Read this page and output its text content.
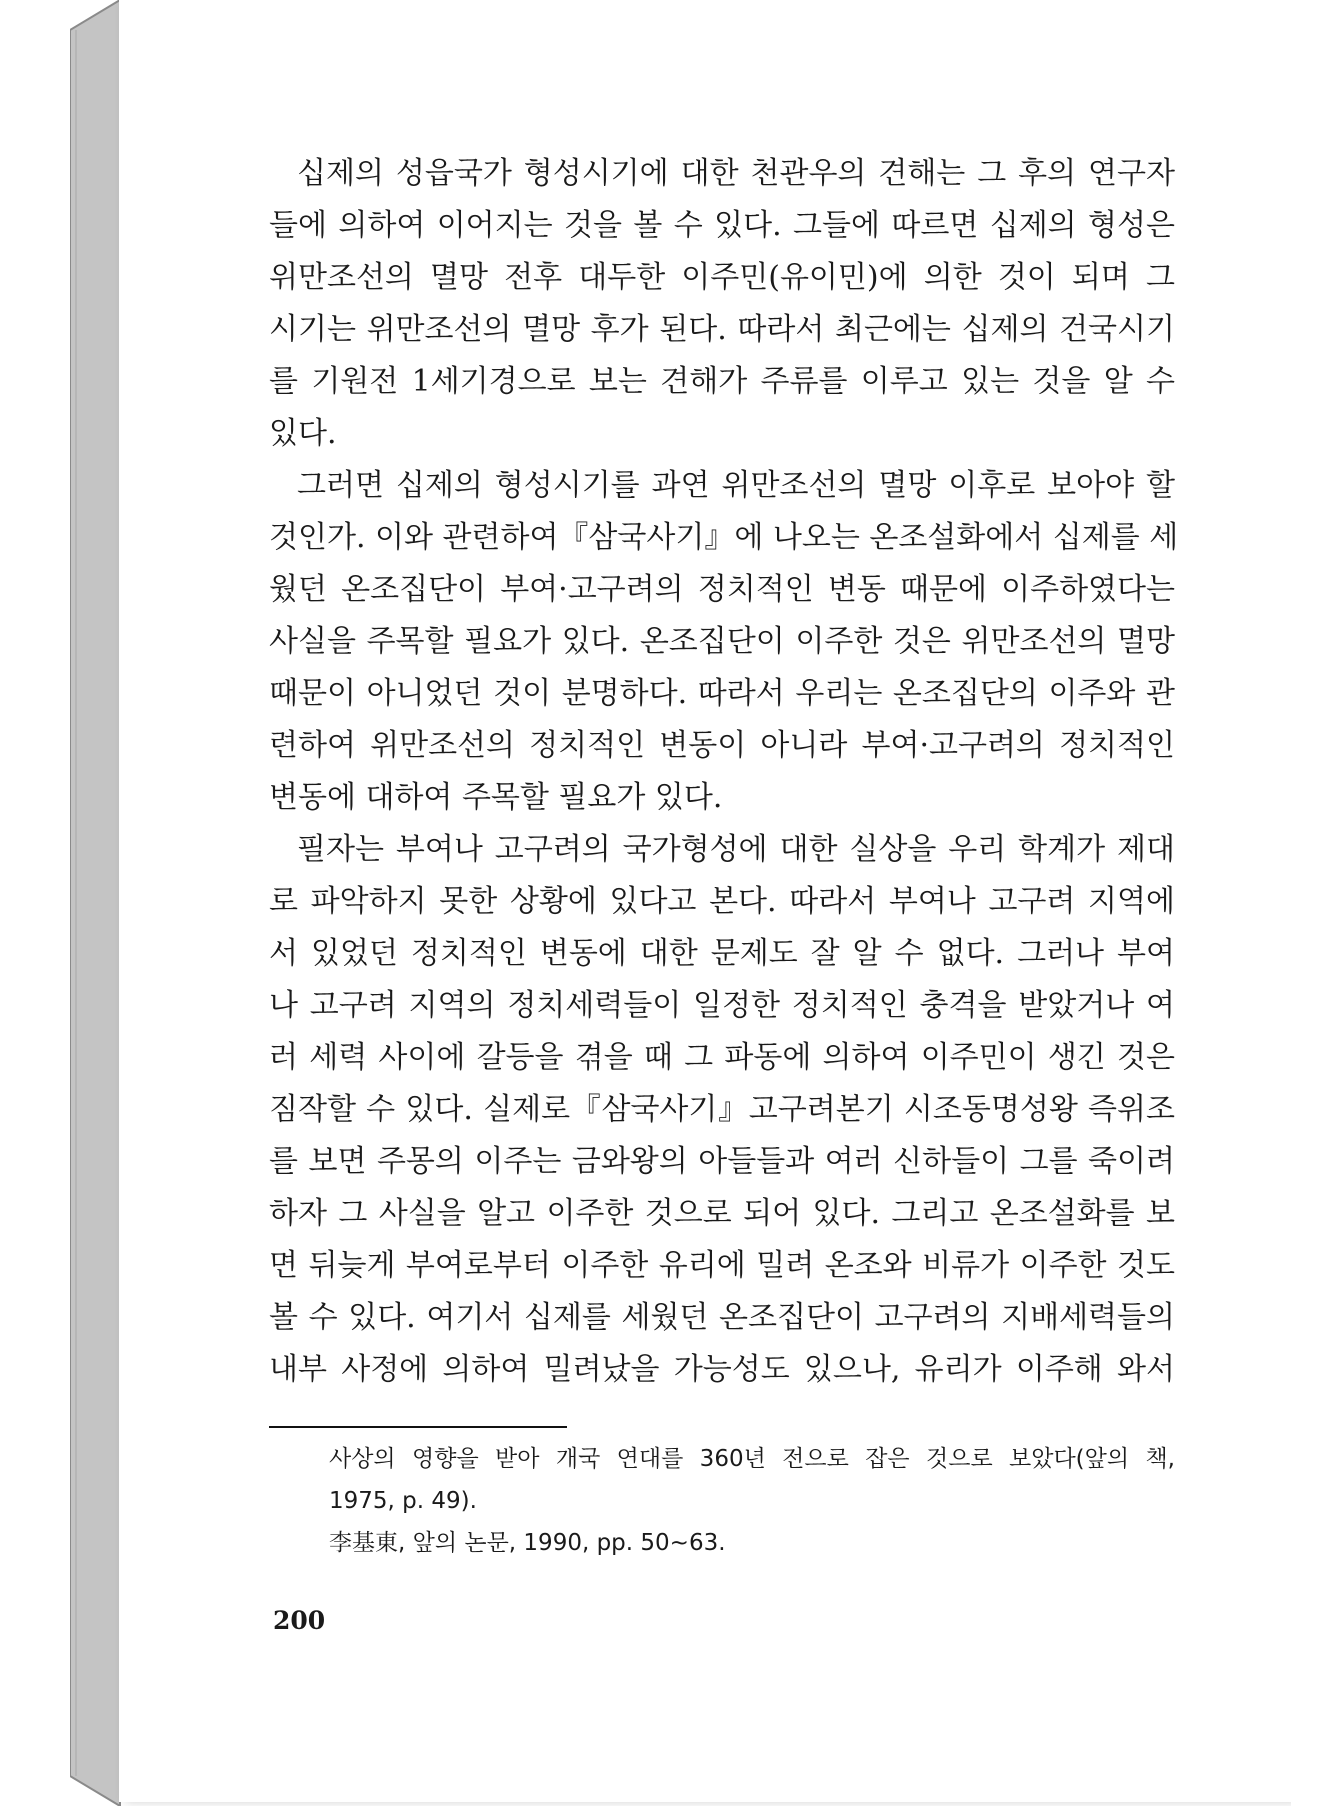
십제의 성읍국가 형성시기에 대한 천관우의 견해는 그 후의 연구자
들에 의하여 이어지는 것을 볼 수 있다. 그들에 따르면 십제의 형성은
위만조선의 멸망 전후 대두한 이주민(유이민)에 의한 것이 되며 그
시기는 위만조선의 멸망 후가 된다. 따라서 최근에는 십제의 건국시기
를 기원전 1세기경으로 보는 견해가 주류를 이루고 있는 것을 알 수
있다.
그러면 십제의 형성시기를 과연 위만조선의 멸망 이후로 보아야 할
것인가. 이와 관련하여『삼국사기』에 나오는 온조설화에서 십제를 세
웠던 온조집단이 부여·고구려의 정치적인 변동 때문에 이주하였다는
사실을 주목할 필요가 있다. 온조집단이 이주한 것은 위만조선의 멸망
때문이 아니었던 것이 분명하다. 따라서 우리는 온조집단의 이주와 관
련하여 위만조선의 정치적인 변동이 아니라 부여·고구려의 정치적인
변동에 대하여 주목할 필요가 있다.
필자는 부여나 고구려의 국가형성에 대한 실상을 우리 학계가 제대
로 파악하지 못한 상황에 있다고 본다. 따라서 부여나 고구려 지역에
서 있었던 정치적인 변동에 대한 문제도 잘 알 수 없다. 그러나 부여
나 고구려 지역의 정치세력들이 일정한 정치적인 충격을 받았거나 여
러 세력 사이에 갈등을 겪을 때 그 파동에 의하여 이주민이 생긴 것은
짐작할 수 있다. 실제로『삼국사기』고구려본기 시조동명성왕 즉위조
를 보면 주몽의 이주는 금와왕의 아들들과 여러 신하들이 그를 죽이려
하자 그 사실을 알고 이주한 것으로 되어 있다. 그리고 온조설화를 보
면 뒤늦게 부여로부터 이주한 유리에 밀려 온조와 비류가 이주한 것도
볼 수 있다. 여기서 십제를 세웠던 온조집단이 고구려의 지배세력들의
내부 사정에 의하여 밀려났을 가능성도 있으나, 유리가 이주해 와서
사상의 영향을 받아 개국 연대를 360년 전으로 잡은 것으로 보았다(앞의 책,
1975, p. 49).
李基東, 앞의 논문, 1990, pp. 50~63.
200
